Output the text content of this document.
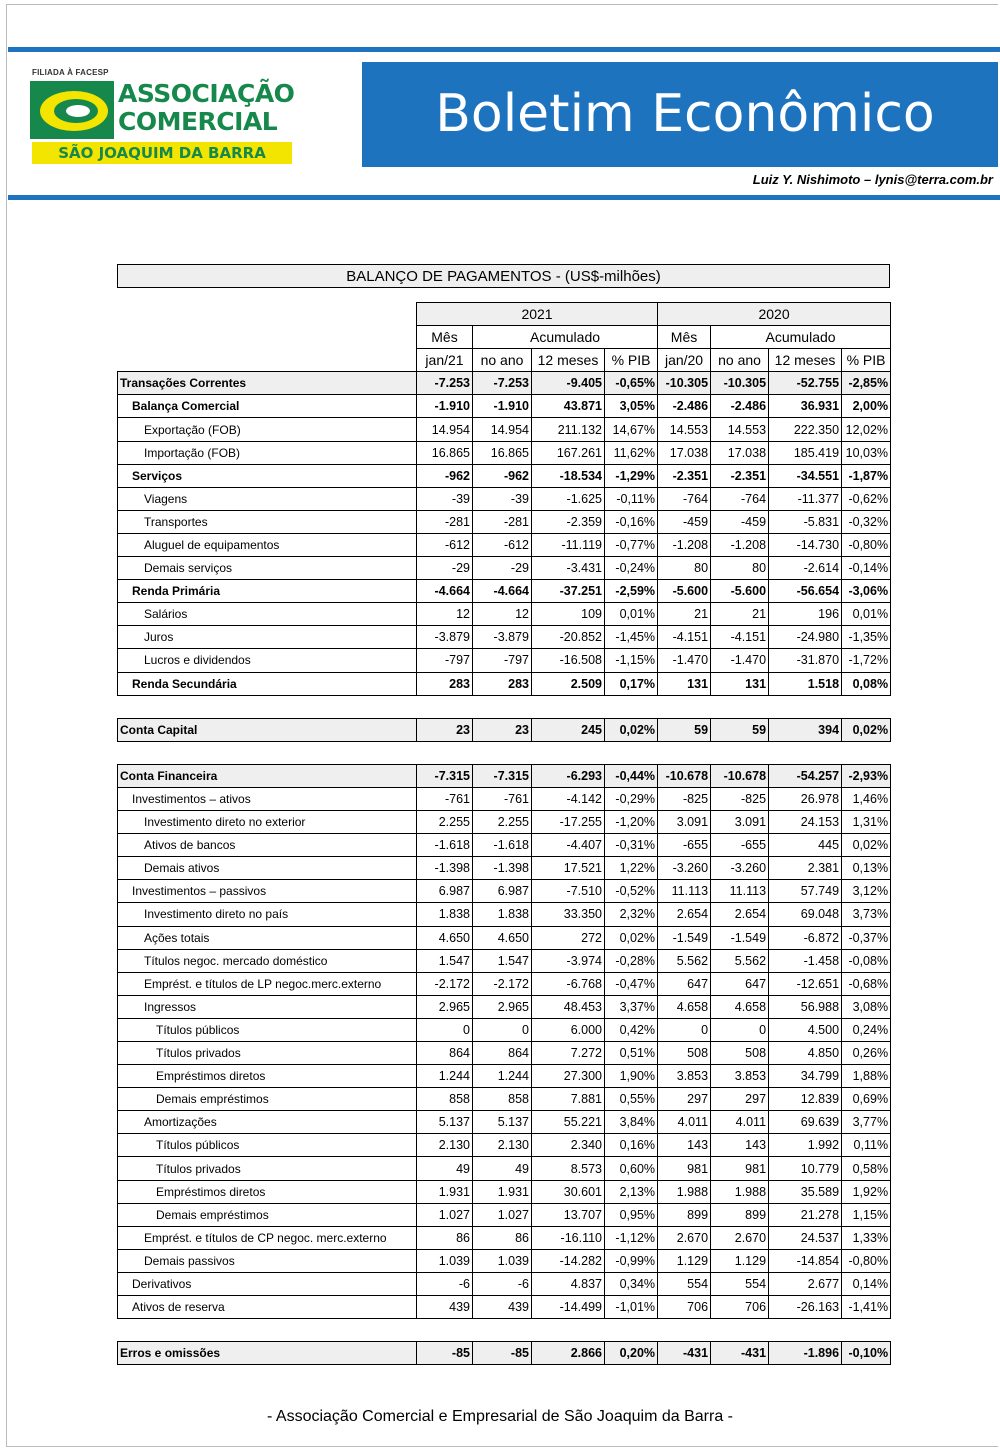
FILIADA À FACESP
ASSOCIAÇÃO
COMERCIAL
SÃO JOAQUIM DA BARRA
Boletim Econômico
Luiz Y. Nishimoto – lynis@terra.com.br
BALANÇO DE PAGAMENTOS - (US$-milhões)
	2021				2020			
	Mês	Acumulado			Mês	Acumulado		
	jan/21	no ano	12 meses	% PIB	jan/20	no ano	12 meses	% PIB
Transações Correntes	-7.253	-7.253	-9.405	-0,65%	-10.305	-10.305	-52.755	-2,85%
Balança Comercial	-1.910	-1.910	43.871	3,05%	-2.486	-2.486	36.931	2,00%
Exportação (FOB)	14.954	14.954	211.132	14,67%	14.553	14.553	222.350	12,02%
Importação (FOB)	16.865	16.865	167.261	11,62%	17.038	17.038	185.419	10,03%
Serviços	-962	-962	-18.534	-1,29%	-2.351	-2.351	-34.551	-1,87%
Viagens	-39	-39	-1.625	-0,11%	-764	-764	-11.377	-0,62%
Transportes	-281	-281	-2.359	-0,16%	-459	-459	-5.831	-0,32%
Aluguel de equipamentos	-612	-612	-11.119	-0,77%	-1.208	-1.208	-14.730	-0,80%
Demais serviços	-29	-29	-3.431	-0,24%	80	80	-2.614	-0,14%
Renda Primária	-4.664	-4.664	-37.251	-2,59%	-5.600	-5.600	-56.654	-3,06%
Salários	12	12	109	0,01%	21	21	196	0,01%
Juros	-3.879	-3.879	-20.852	-1,45%	-4.151	-4.151	-24.980	-1,35%
Lucros e dividendos	-797	-797	-16.508	-1,15%	-1.470	-1.470	-31.870	-1,72%
Renda Secundária	283	283	2.509	0,17%	131	131	1.518	0,08%

Conta Capital	23	23	245	0,02%	59	59	394	0,02%

Conta Financeira	-7.315	-7.315	-6.293	-0,44%	-10.678	-10.678	-54.257	-2,93%
Investimentos – ativos	-761	-761	-4.142	-0,29%	-825	-825	26.978	1,46%
Investimento direto no exterior	2.255	2.255	-17.255	-1,20%	3.091	3.091	24.153	1,31%
Ativos de bancos	-1.618	-1.618	-4.407	-0,31%	-655	-655	445	0,02%
Demais ativos	-1.398	-1.398	17.521	1,22%	-3.260	-3.260	2.381	0,13%
Investimentos – passivos	6.987	6.987	-7.510	-0,52%	11.113	11.113	57.749	3,12%
Investimento direto no país	1.838	1.838	33.350	2,32%	2.654	2.654	69.048	3,73%
Ações totais	4.650	4.650	272	0,02%	-1.549	-1.549	-6.872	-0,37%
Títulos negoc. mercado doméstico	1.547	1.547	-3.974	-0,28%	5.562	5.562	-1.458	-0,08%
Emprést. e títulos de LP negoc.merc.externo	-2.172	-2.172	-6.768	-0,47%	647	647	-12.651	-0,68%
Ingressos	2.965	2.965	48.453	3,37%	4.658	4.658	56.988	3,08%
Títulos públicos	0	0	6.000	0,42%	0	0	4.500	0,24%
Títulos privados	864	864	7.272	0,51%	508	508	4.850	0,26%
Empréstimos diretos	1.244	1.244	27.300	1,90%	3.853	3.853	34.799	1,88%
Demais empréstimos	858	858	7.881	0,55%	297	297	12.839	0,69%
Amortizações	5.137	5.137	55.221	3,84%	4.011	4.011	69.639	3,77%
Títulos públicos	2.130	2.130	2.340	0,16%	143	143	1.992	0,11%
Títulos privados	49	49	8.573	0,60%	981	981	10.779	0,58%
Empréstimos diretos	1.931	1.931	30.601	2,13%	1.988	1.988	35.589	1,92%
Demais empréstimos	1.027	1.027	13.707	0,95%	899	899	21.278	1,15%
Emprést. e títulos de CP negoc. merc.externo	86	86	-16.110	-1,12%	2.670	2.670	24.537	1,33%
Demais passivos	1.039	1.039	-14.282	-0,99%	1.129	1.129	-14.854	-0,80%
Derivativos	-6	-6	4.837	0,34%	554	554	2.677	0,14%
Ativos de reserva	439	439	-14.499	-1,01%	706	706	-26.163	-1,41%

Erros e omissões	-85	-85	2.866	0,20%	-431	-431	-1.896	-0,10%
- Associação Comercial e Empresarial de São Joaquim da Barra -
